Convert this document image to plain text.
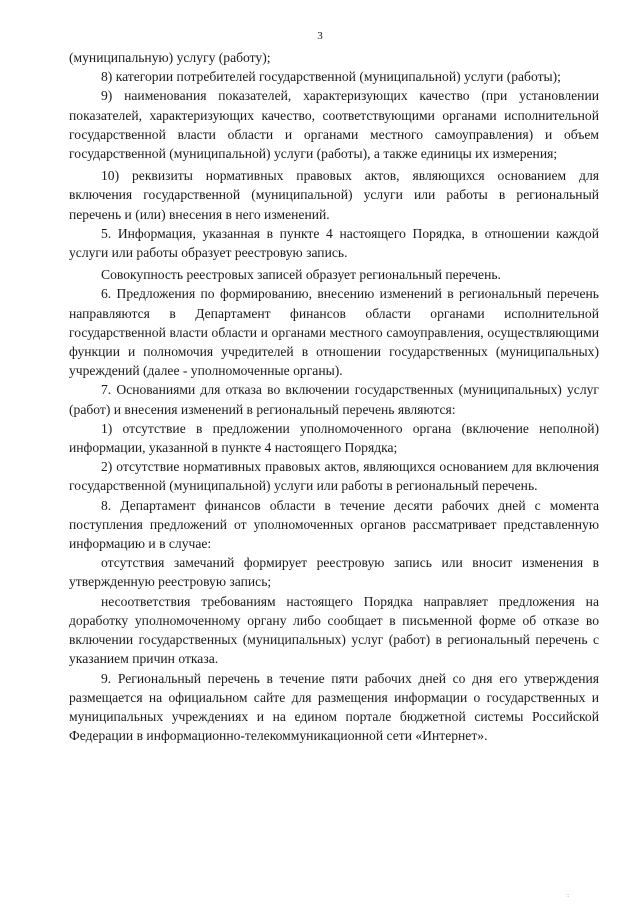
3

(муниципальную) услугу (работу);

8) категории потребителей государственной (муниципальной) услуги (работы);

9) наименования показателей, характеризующих качество (при установлении показателей, характеризующих качество, соответствующими органами исполнительной государственной власти области и органами местного самоуправления) и объем государственной (муниципальной) услуги (работы), а также единицы их измерения;

10) реквизиты нормативных правовых актов, являющихся основанием для включения государственной (муниципальной) услуги или работы в региональный перечень и (или) внесения в него изменений.

5. Информация, указанная в пункте 4 настоящего Порядка, в отношении каждой услуги или работы образует реестровую запись.

Совокупность реестровых записей образует региональный перечень.

6. Предложения по формированию, внесению изменений в региональный перечень направляются в Департамент финансов области органами исполнительной государственной власти области и органами местного самоуправления, осуществляющими функции и полномочия учредителей в отношении государственных (муниципальных) учреждений (далее - уполномоченные органы).

7. Основаниями для отказа во включении государственных (муниципальных) услуг (работ) и внесения изменений в региональный перечень являются:

1) отсутствие в предложении уполномоченного органа (включение неполной) информации, указанной в пункте 4 настоящего Порядка;

2) отсутствие нормативных правовых актов, являющихся основанием для включения государственной (муниципальной) услуги или работы в региональный перечень.

8. Департамент финансов области в течение десяти рабочих дней с момента поступления предложений от уполномоченных органов рассматривает представленную информацию и в случае:

отсутствия замечаний формирует реестровую запись или вносит изменения в утвержденную реестровую запись;

несоответствия требованиям настоящего Порядка направляет предложения на доработку уполномоченному органу либо сообщает в письменной форме об отказе во включении государственных (муниципальных) услуг (работ) в региональный перечень с указанием причин отказа.

9. Региональный перечень в течение пяти рабочих дней со дня его утверждения размещается на официальном сайте для размещения информации о государственных и муниципальных учреждениях и на едином портале бюджетной системы Российской Федерации в информационно-телекоммуникационной сети «Интернет».

::
